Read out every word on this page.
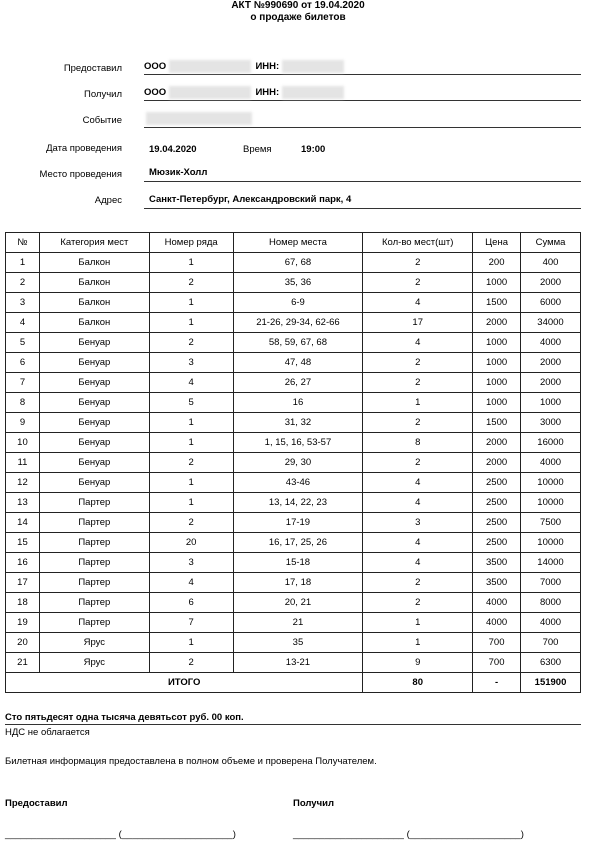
АКТ №990690 от 19.04.2020
о продаже билетов
Предоставил ООО	ИНН:
Получил ООО	ИНН:
Событие
Дата проведения	19.04.2020	Время	19:00
Место проведения	Мюзик-Холл
Адрес	Санкт-Петербург, Александровский парк, 4
№	Категория мест	Номер ряда	Номер места	Кол-во мест(шт)	Цена	Сумма
1	Балкон	1	67, 68	2	200	400
2	Балкон	2	35, 36	2	1000	2000
3	Балкон	1	6-9	4	1500	6000
4	Балкон	1	21-26, 29-34, 62-66	17	2000	34000
5	Бенуар	2	58, 59, 67, 68	4	1000	4000
6	Бенуар	3	47, 48	2	1000	2000
7	Бенуар	4	26, 27	2	1000	2000
8	Бенуар	5	16	1	1000	1000
9	Бенуар	1	31, 32	2	1500	3000
10	Бенуар	1	1, 15, 16, 53-57	8	2000	16000
11	Бенуар	2	29, 30	2	2000	4000
12	Бенуар	1	43-46	4	2500	10000
13	Партер	1	13, 14, 22, 23	4	2500	10000
14	Партер	2	17-19	3	2500	7500
15	Партер	20	16, 17, 25, 26	4	2500	10000
16	Партер	3	15-18	4	3500	14000
17	Партер	4	17, 18	2	3500	7000
18	Партер	6	20, 21	2	4000	8000
19	Партер	7	21	1	4000	4000
20	Ярус	1	35	1	700	700
21	Ярус	2	13-21	9	700	6300
ИТОГО				80	-	151900
Сто пятьдесят одна тысяча девятьсот руб. 00 коп.
НДС не облагается
Билетная информация предоставлена в полном объеме и проверена Получателем.
Предоставил	Получил
_____________________ (_____________________)	_____________________ (_____________________)
